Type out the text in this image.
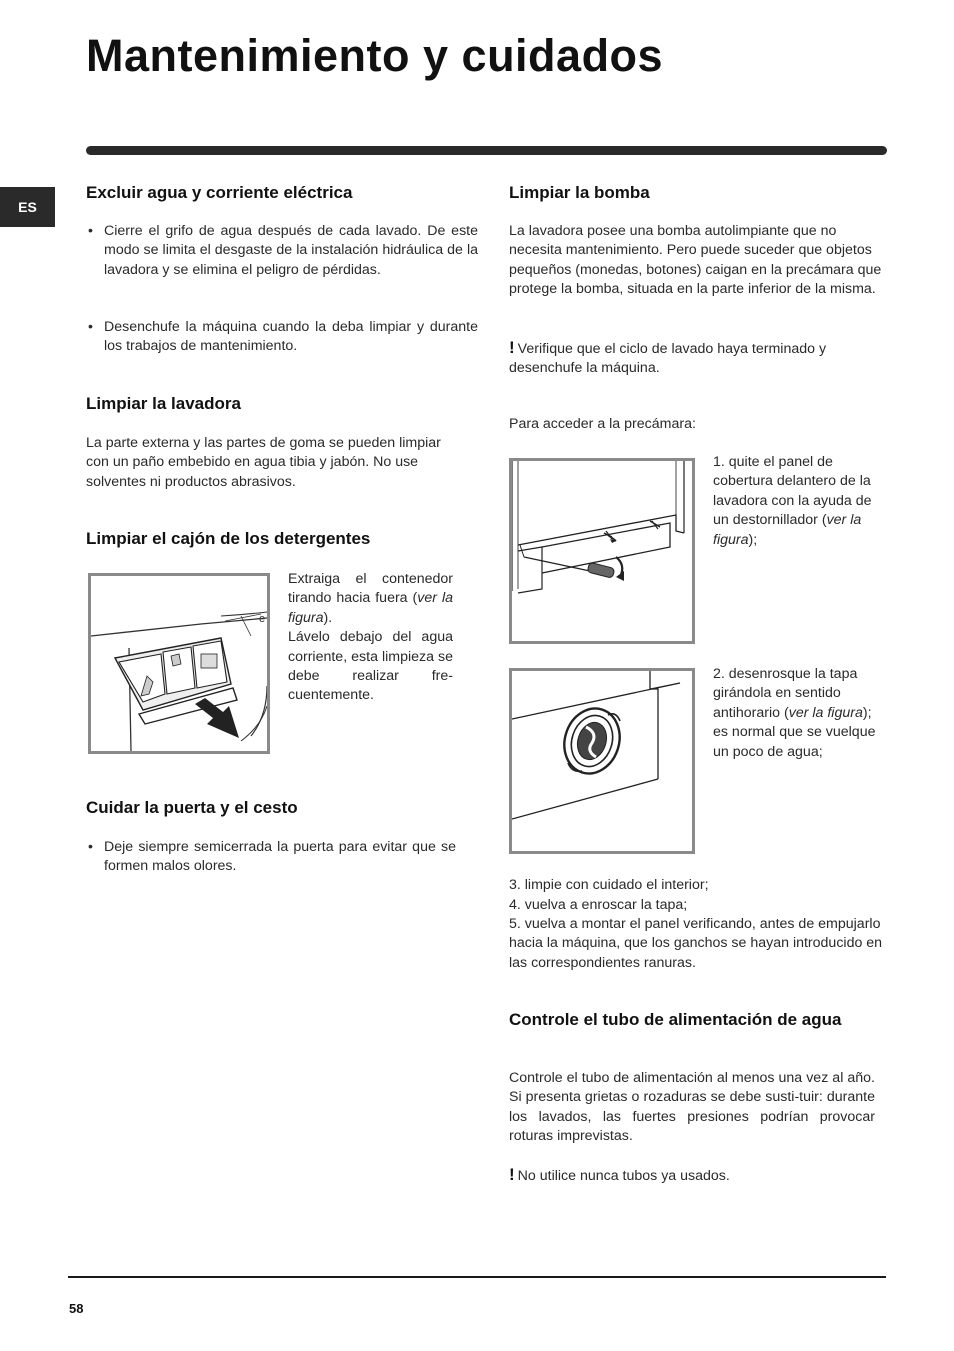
Mantenimiento y cuidados
ES
Excluir agua y corriente eléctrica
• Cierre el grifo de agua después de cada lavado. De este modo se limita el desgaste de la instalación hidráulica de la lavadora y se elimina el peligro de pérdidas.
• Desenchufe la máquina cuando la deba limpiar y durante los trabajos de mantenimiento.
Limpiar la lavadora

La parte externa y las partes de goma se pueden limpiar con un paño embebido en agua tibia y jabón. No use solventes ni productos abrasivos.

Limpiar el cajón de los detergentes
e

Extraiga el contenedor tirando hacia fuera (ver la figura).
Lávelo debajo del agua corriente, esta limpieza se debe realizar fre-cuentemente.

Cuidar la puerta y el cesto
• Deje siempre semicerrada la puerta para evitar que se formen malos olores.
Limpiar la bomba

La lavadora posee una bomba autolimpiante que no necesita mantenimiento. Pero puede suceder que objetos pequeños (monedas, botones) caigan en la precámara que protege la bomba, situada en la parte inferior de la misma.

! Verifique que el ciclo de lavado haya terminado y desenchufe la máquina.

Para acceder a la precámara:

1. quite el panel de cobertura delantero de la lavadora con la ayuda de un destornillador (ver la figura);

2. desenrosque la tapa girándola en sentido antihorario (ver la figura); es normal que se vuelque un poco de agua;

3. limpie con cuidado el interior;

4. vuelva a enroscar la tapa;

5. vuelva a montar el panel verificando, antes de empujarlo hacia la máquina, que los ganchos se hayan introducido en las correspondientes ranuras.

Controle el tubo de alimentación de agua

Controle el tubo de alimentación al menos una vez al año. Si presenta grietas o rozaduras se debe susti-tuir: durante los lavados, las fuertes presiones podrían provocar roturas imprevistas.

! No utilice nunca tubos ya usados.

58
